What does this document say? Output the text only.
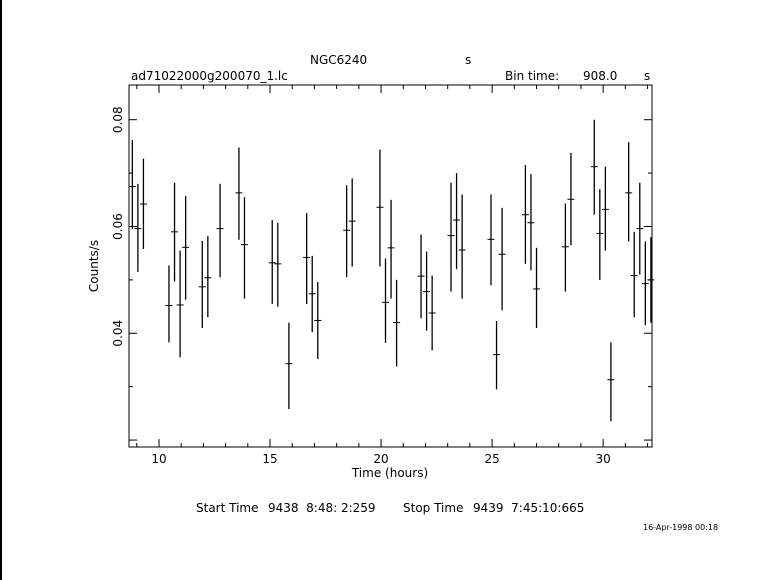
NGC6240	s
ad71022000g200070_1.lc	Bin time: 908.0 s
10	15	20	25	30
0.04
0.06
0.08
Time (hours)
Counts/s
Start Time 9438  8:48: 2:259 Stop Time 9439  7:45:10:665
16-Apr-1998 00:18
